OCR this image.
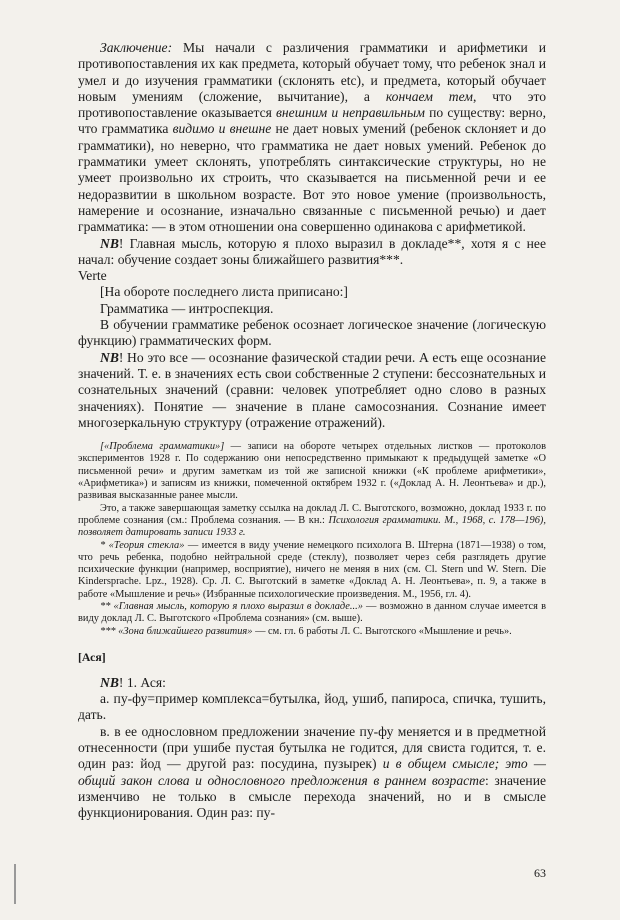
Заключение: Мы начали с различения грамматики и арифметики и противопоставления их как предмета, который обучает тому, что ребенок знал и умел и до изучения грамматики (склонять etc), и предмета, который обучает новым умениям (сложение, вычитание), а кончаем тем, что это противопоставление оказывается внешним и неправильным по существу: верно, что грамматика видимо и внешне не дает новых умений (ребенок склоняет и до грамматики), но неверно, что грамматика не дает новых умений. Ребенок до грамматики умеет склонять, употреблять синтаксические структуры, но не умеет произвольно их строить, что сказывается на письменной речи и ее недоразвитии в школьном возрасте. Вот это новое умение (произвольность, намерение и осознание, изначально связанные с письменной речью) и дает грамматика: — в этом отношении она совершенно одинакова с арифметикой.

NB! Главная мысль, которую я плохо выразил в докладе**, хотя я с нее начал: обучение создает зоны ближайшего развития***.

Verte

[На обороте последнего листа приписано:]

Грамматика — интроспекция.

В обучении грамматике ребенок осознает логическое значение (логическую функцию) грамматических форм.

NB! Но это все — осознание фазической стадии речи. А есть еще осознание значений. Т. е. в значениях есть свои собственные 2 ступени: бессознательных и сознательных значений (сравни: человек употребляет одно слово в разных значениях). Понятие — значение в плане самосознания. Сознание имеет многозеркальную структуру (отражение отражений).

[«Проблема грамматики»] — записи на обороте четырех отдельных листков — протоколов экспериментов 1928 г. По содержанию они непосредственно примыкают к предыдущей заметке «О письменной речи» и другим заметкам из той же записной книжки («К проблеме арифметики», «Арифметика») и записям из книжки, помеченной октябрем 1932 г. («Доклад А. Н. Леонтьева» и др.), развивая высказанные ранее мысли.

Это, а также завершающая заметку ссылка на доклад Л. С. Выготского, возможно, доклад 1933 г. по проблеме сознания (см.: Проблема сознания. — В кн.: Психология грамматики. М., 1968, с. 178—196), позволяет датировать записи 1933 г.

* «Теория стекла» — имеется в виду учение немецкого психолога В. Штерна (1871—1938) о том, что речь ребенка, подобно нейтральной среде (стеклу), позволяет через себя разглядеть другие психические функции (например, восприятие), ничего не меняя в них (см. Cl. Stern und W. Stern. Die Kindersprache. Lpz., 1928). Ср. Л. С. Выготский в заметке «Доклад А. Н. Леонтьева», п. 9, а также в работе «Мышление и речь» (Избранные психологические произведения. М., 1956, гл. 4).

** «Главная мысль, которую я плохо выразил в докладе...» — возможно в данном случае имеется в виду доклад Л. С. Выготского «Проблема сознания» (см. выше).

*** «Зона ближайшего развития» — см. гл. 6 работы Л. С. Выготского «Мышление и речь».

[Ася]

NB! 1. Ася:

а. пу-фу=пример комплекса=бутылка, йод, ушиб, папироса, спичка, тушить, дать.

в. в ее однословном предложении значение пу-фу меняется и в предметной отнесенности (при ушибе пустая бутылка не годится, для свиста годится, т. е. один раз: йод — другой раз: посудина, пузырек) и в общем смысле; это — общий закон слова и однословного предложения в раннем возрасте: значение изменчиво не только в смысле перехода значений, но и в смысле функционирования. Один раз: пу-

63
